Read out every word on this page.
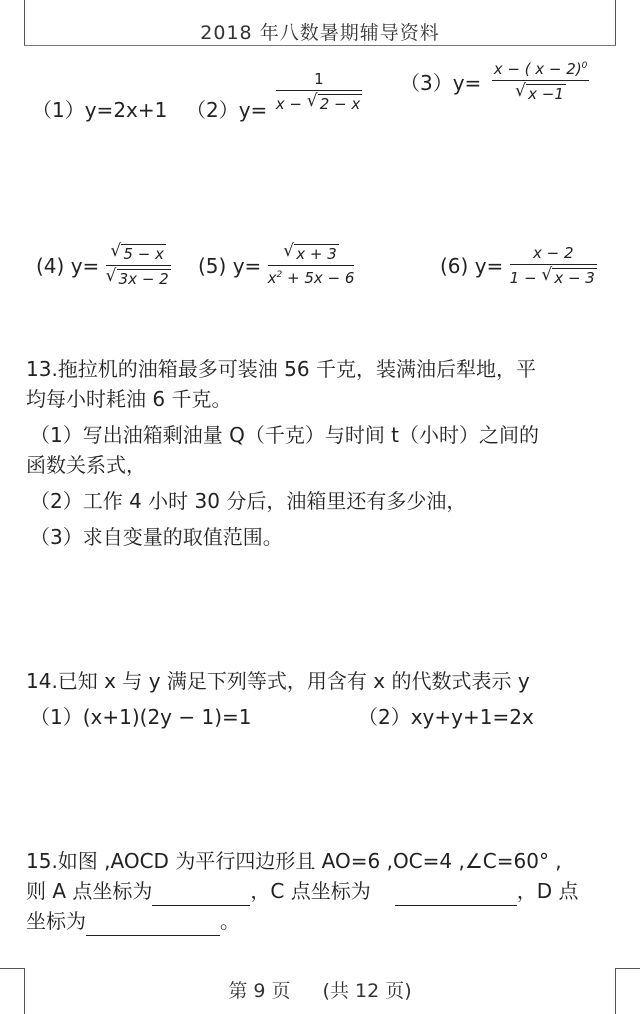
2018 年八数暑期辅导资料
（1）y=2x+1 $(2)y= \frac{1}{x - √ 2 - x} (3)y= \frac{x - ( x - 2)^0}{√ x -1}$
(4) $y= \frac{√ 5 - x}{√ 3x - 2} (5)$ $y= \frac{√ x + 3}{x^2 + 5x - 6}$	(6) $y= \frac{x - 2}{1 - √ x - 3}$
13.拖拉机的油箱最多可装油 56 千克，装满油后犁地，平
均每小时耗油 6 千克。
（1）写出油箱剩油量 Q（千克）与时间 t（小时）之间的
函数关系式，
（2）工作 4 小时 30 分后，油箱里还有多少油，
（3）求自变量的取值范围。
14.已知 x 与 y 满足下列等式，用含有 x 的代数式表示 y
（1）(x+1)(2y − 1)=1	（2）xy+y+1=2x
15.如图 ,AOCD 为平行四边形且 AO=6 ,OC=4 ,∠C=60° ,
则 A 点坐标为	，C 点坐标为	，D 点
坐标为	。
第 9 页 (共 12 页)
